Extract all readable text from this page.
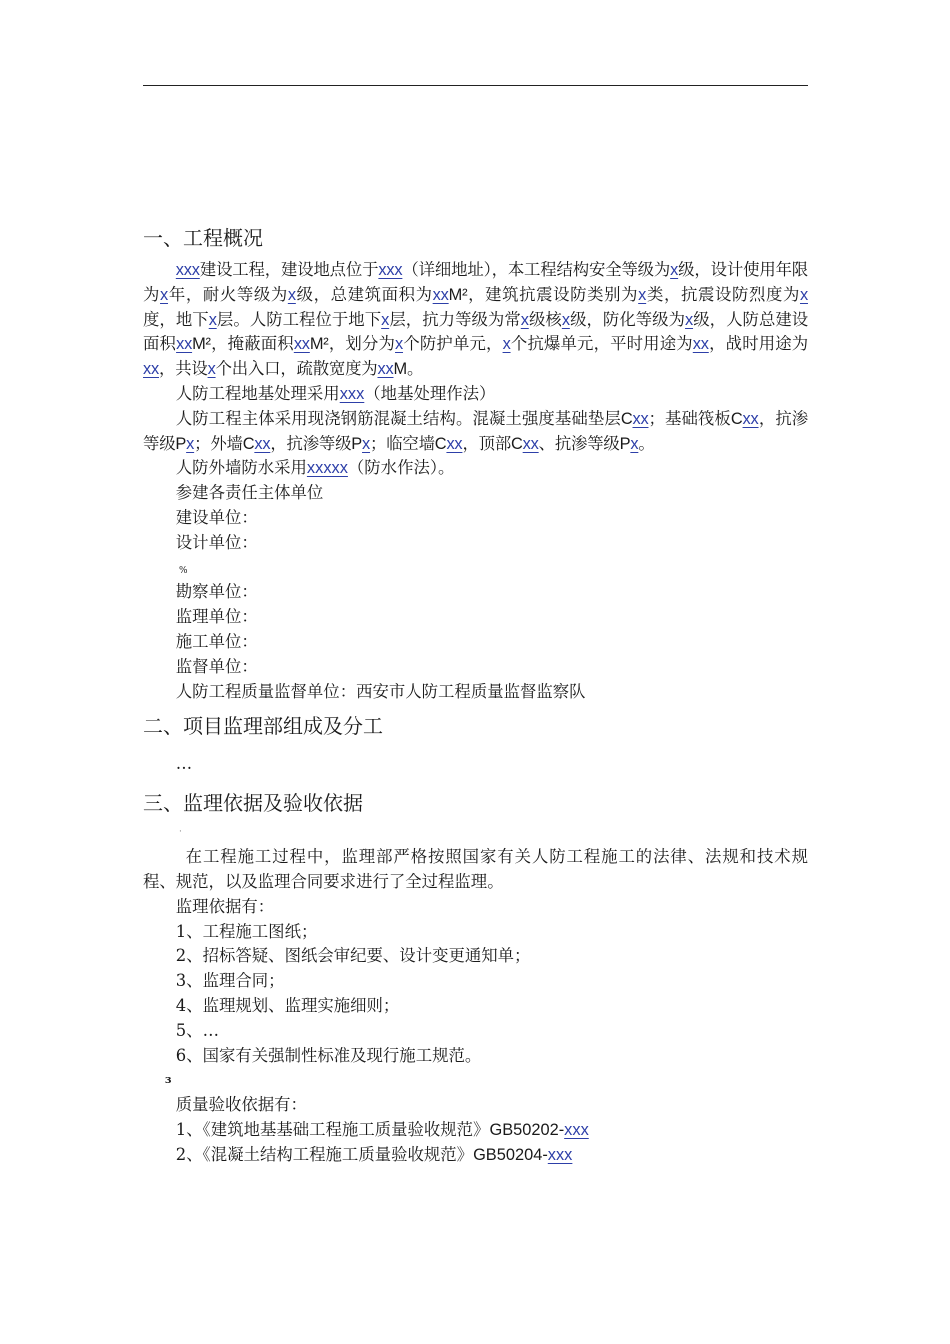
一、工程概况

xxx建设工程，建设地点位于xxx（详细地址），本工程结构安全等级为x级，设计使用年限为x年，耐火等级为x级，总建筑面积为xxM²，建筑抗震设防类别为x类，抗震设防烈度为x度，地下x层。人防工程位于地下x层，抗力等级为常x级核x级，防化等级为x级，人防总建设面积xxM²，掩蔽面积xxM²，划分为x个防护单元，x个抗爆单元，平时用途为xx，战时用途为xx，共设x个出入口，疏散宽度为xxM。

人防工程地基处理采用xxx（地基处理作法）

人防工程主体采用现浇钢筋混凝土结构。混凝土强度基础垫层Cxx；基础筏板Cxx，抗渗等级Px；外墙Cxx，抗渗等级Px；临空墙Cxx，顶部Cxx、抗渗等级Px。

人防外墙防水采用xxxxx（防水作法）。

参建各责任主体单位

建设单位：

设计单位：

%

勘察单位：

监理单位：

施工单位：

监督单位：

人防工程质量监督单位：西安市人防工程质量监督监察队

二、项目监理部组成及分工

…

三、监理依据及验收依据

·

在工程施工过程中，监理部严格按照国家有关人防工程施工的法律、法规和技术规程、规范，以及监理合同要求进行了全过程监理。

监理依据有：

1、工程施工图纸；

2、招标答疑、图纸会审纪要、设计变更通知单；

3、监理合同；

4、监理规划、监理实施细则；

5、…

6、国家有关强制性标准及现行施工规范。

ɜ

质量验收依据有：

1、《建筑地基基础工程施工质量验收规范》GB50202-xxx

2、《混凝土结构工程施工质量验收规范》GB50204-xxx
